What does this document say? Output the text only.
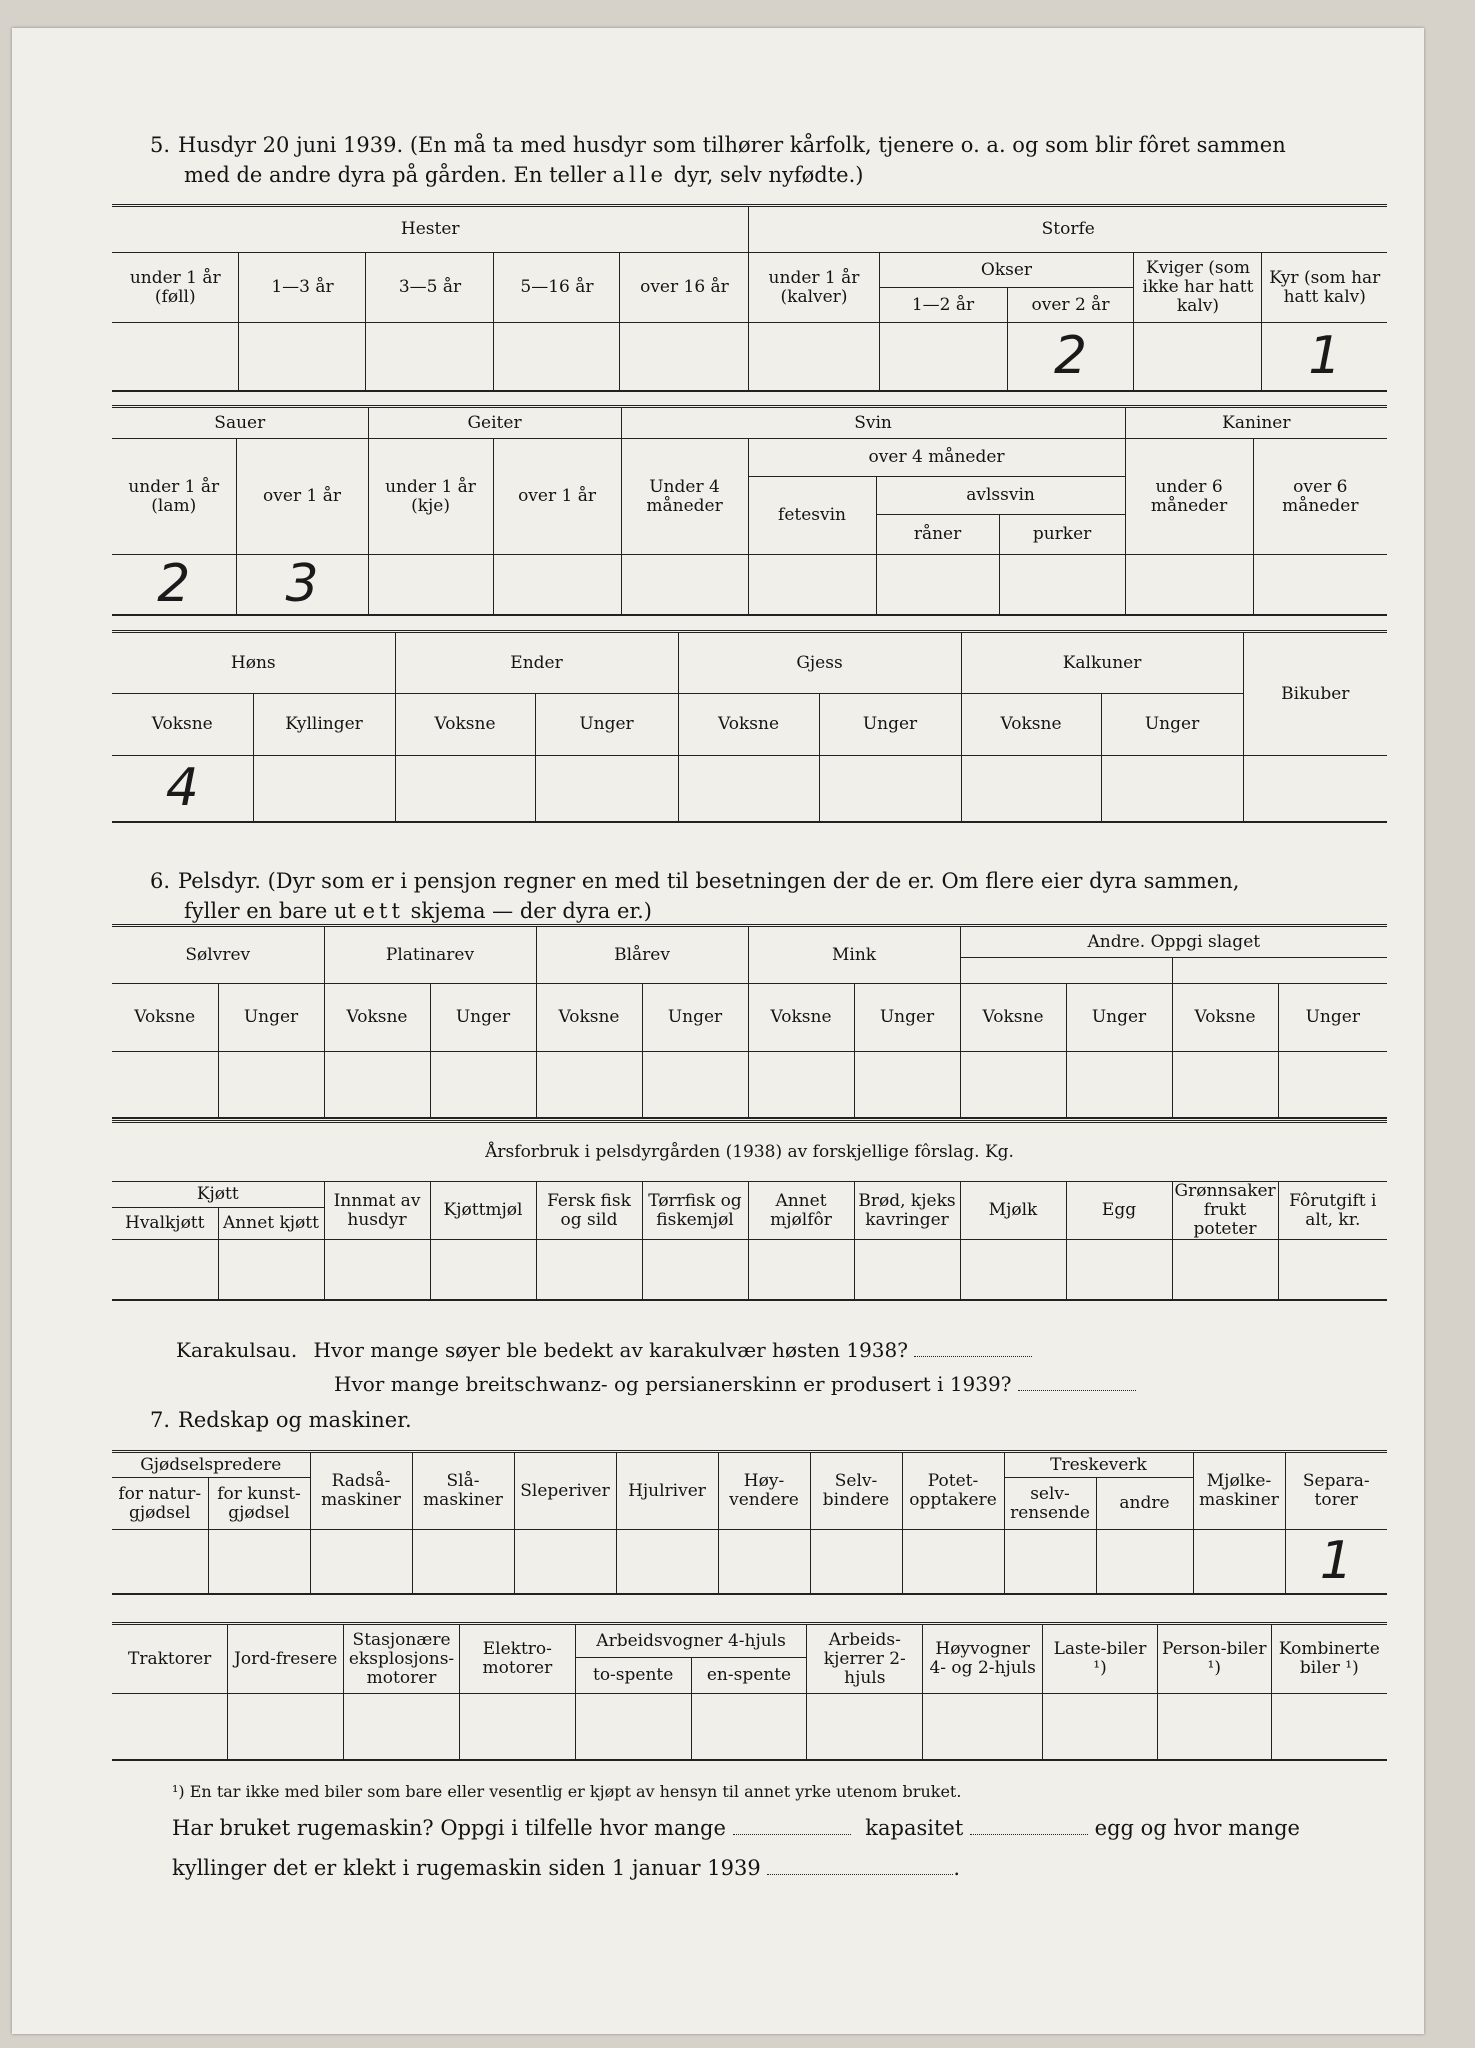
5. Husdyr 20 juni 1939. (En må ta med husdyr som tilhører kårfolk, tjenere o. a. og som blir fôret sammen
med de andre dyra på gården. En teller alle dyr, selv nyfødte.)
Hester					Storfe				
under 1 år (føll)	1—3 år	3—5 år	5—16 år	over 16 år	under 1 år (kalver)	Okser		Kviger (som ikke har hatt kalv)	Kyr (som har hatt kalv)
						1—2 år	over 2 år		
							2		1
Sauer		Geiter		Svin				Kaniner	
under 1 år (lam)	over 1 år	under 1 år (kje)	over 1 år	Under 4 måneder	over 4 måneder			under 6 måneder	over 6 måneder
					fetesvin	avlssvin			
						råner	purker		
2	3								
Høns		Ender		Gjess		Kalkuner		Bikuber
Voksne	Kyllinger	Voksne	Unger	Voksne	Unger	Voksne	Unger	
4								
6. Pelsdyr. (Dyr som er i pensjon regner en med til besetningen der de er. Om flere eier dyra sammen,
fyller en bare ut ett skjema — der dyra er.)
Sølvrev		Platinarev		Blårev		Mink		Andre. Oppgi slaget			

Voksne	Unger	Voksne	Unger	Voksne	Unger	Voksne	Unger	Voksne	Unger	Voksne	Unger

Årsforbruk i pelsdyrgården (1938) av forskjellige fôrslag. Kg.											
Kjøtt		Innmat av husdyr	Kjøttmjøl	Fersk fisk og sild	Tørrfisk og fiskemjøl	Annet mjølfôr	Brød, kjeks kavringer	Mjølk	Egg	Grønnsaker frukt poteter	Fôrutgift i alt, kr.
Hvalkjøtt	Annet kjøtt										

Karakulsau. Hvor mange søyer ble bedekt av karakulvær høsten 1938?
Hvor mange breitschwanz- og persianerskinn er produsert i 1939?
7. Redskap og maskiner.
Gjødselspredere		Radså-maskiner	Slå-maskiner	Sleperiver	Hjulriver	Høy-vendere	Selv-bindere	Potet-opptakere	Treskeverk		Mjølke-maskiner	Separa-torer
for natur-gjødsel	for kunst-gjødsel								selv-rensende	andre		
												1
Traktorer	Jord-freserе	Stasjonære eksplosjons-motorer	Elektro-motorer	Arbeidsvogner 4-hjuls		Arbeids-kjerrer 2-hjuls	Høyvogner 4- og 2-hjuls	Laste-biler ¹)	Person-biler ¹)	Kombinerte biler ¹)
				to-spente	en-spente					

¹) En tar ikke med biler som bare eller vesentlig er kjøpt av hensyn til annet yrke utenom bruket.
Har bruket rugemaskin? Oppgi i tilfelle hvor mange	kapasitet	egg og hvor mange
kyllinger det er klekt i rugemaskin siden 1 januar 1939	.
